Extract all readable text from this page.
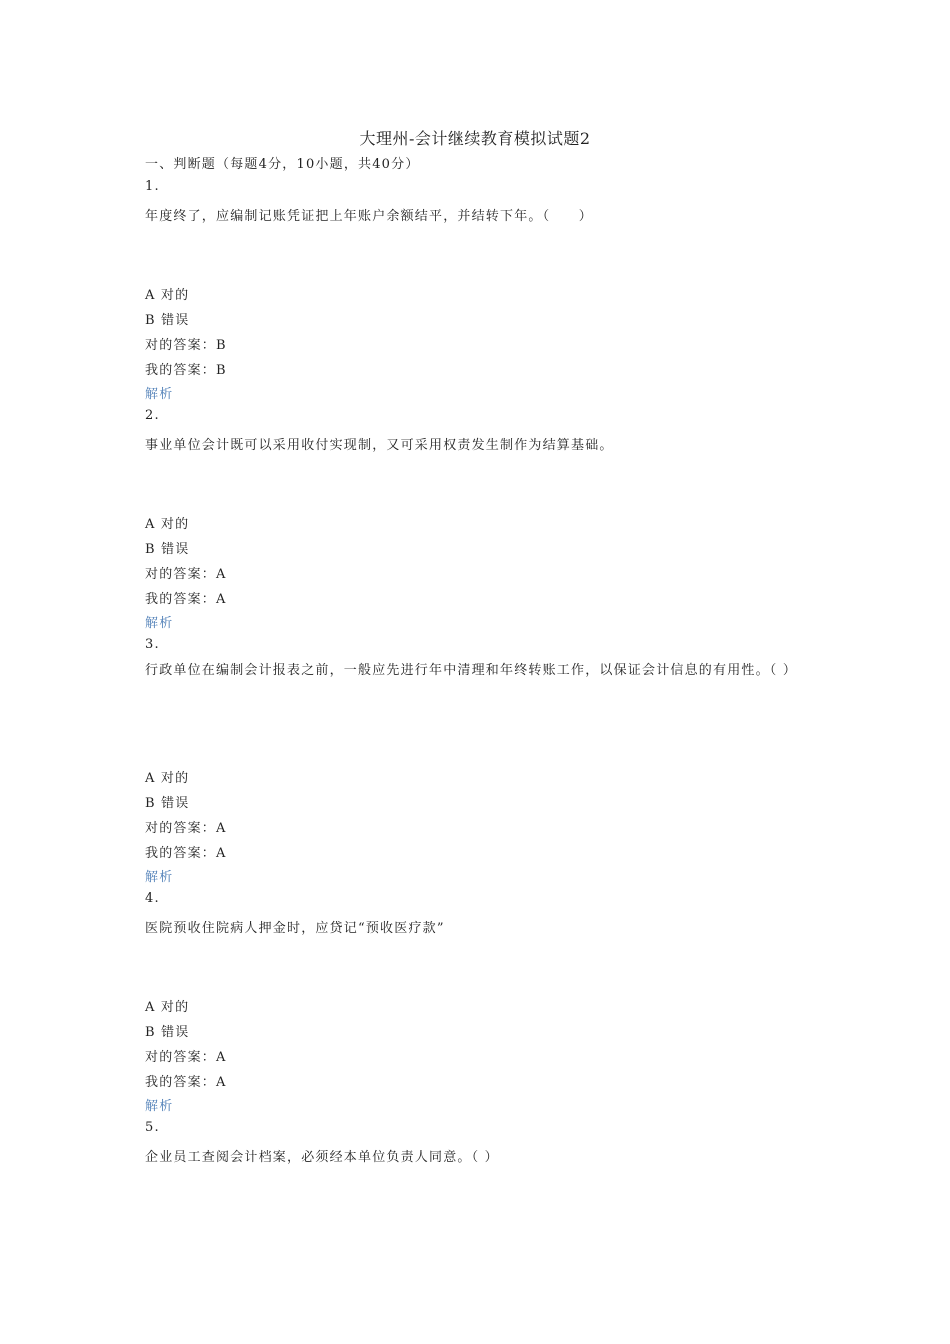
大理州-会计继续教育模拟试题2
一、判断题（每题4分，10小题，共40分）
1.
年度终了，应编制记账凭证把上年账户余额结平，并结转下年。（　　）
A 对的
B 错误
对的答案：B
我的答案：B
解析
2.
事业单位会计既可以采用收付实现制，又可采用权责发生制作为结算基础。
A 对的
B 错误
对的答案：A
我的答案：A
解析
3.
行政单位在编制会计报表之前，一般应先进行年中清理和年终转账工作，以保证会计信息的有用性。（ ）
A 对的
B 错误
对的答案：A
我的答案：A
解析
4.
医院预收住院病人押金时，应贷记“预收医疗款”
A 对的
B 错误
对的答案：A
我的答案：A
解析
5.
企业员工查阅会计档案，必须经本单位负责人同意。（ ）
